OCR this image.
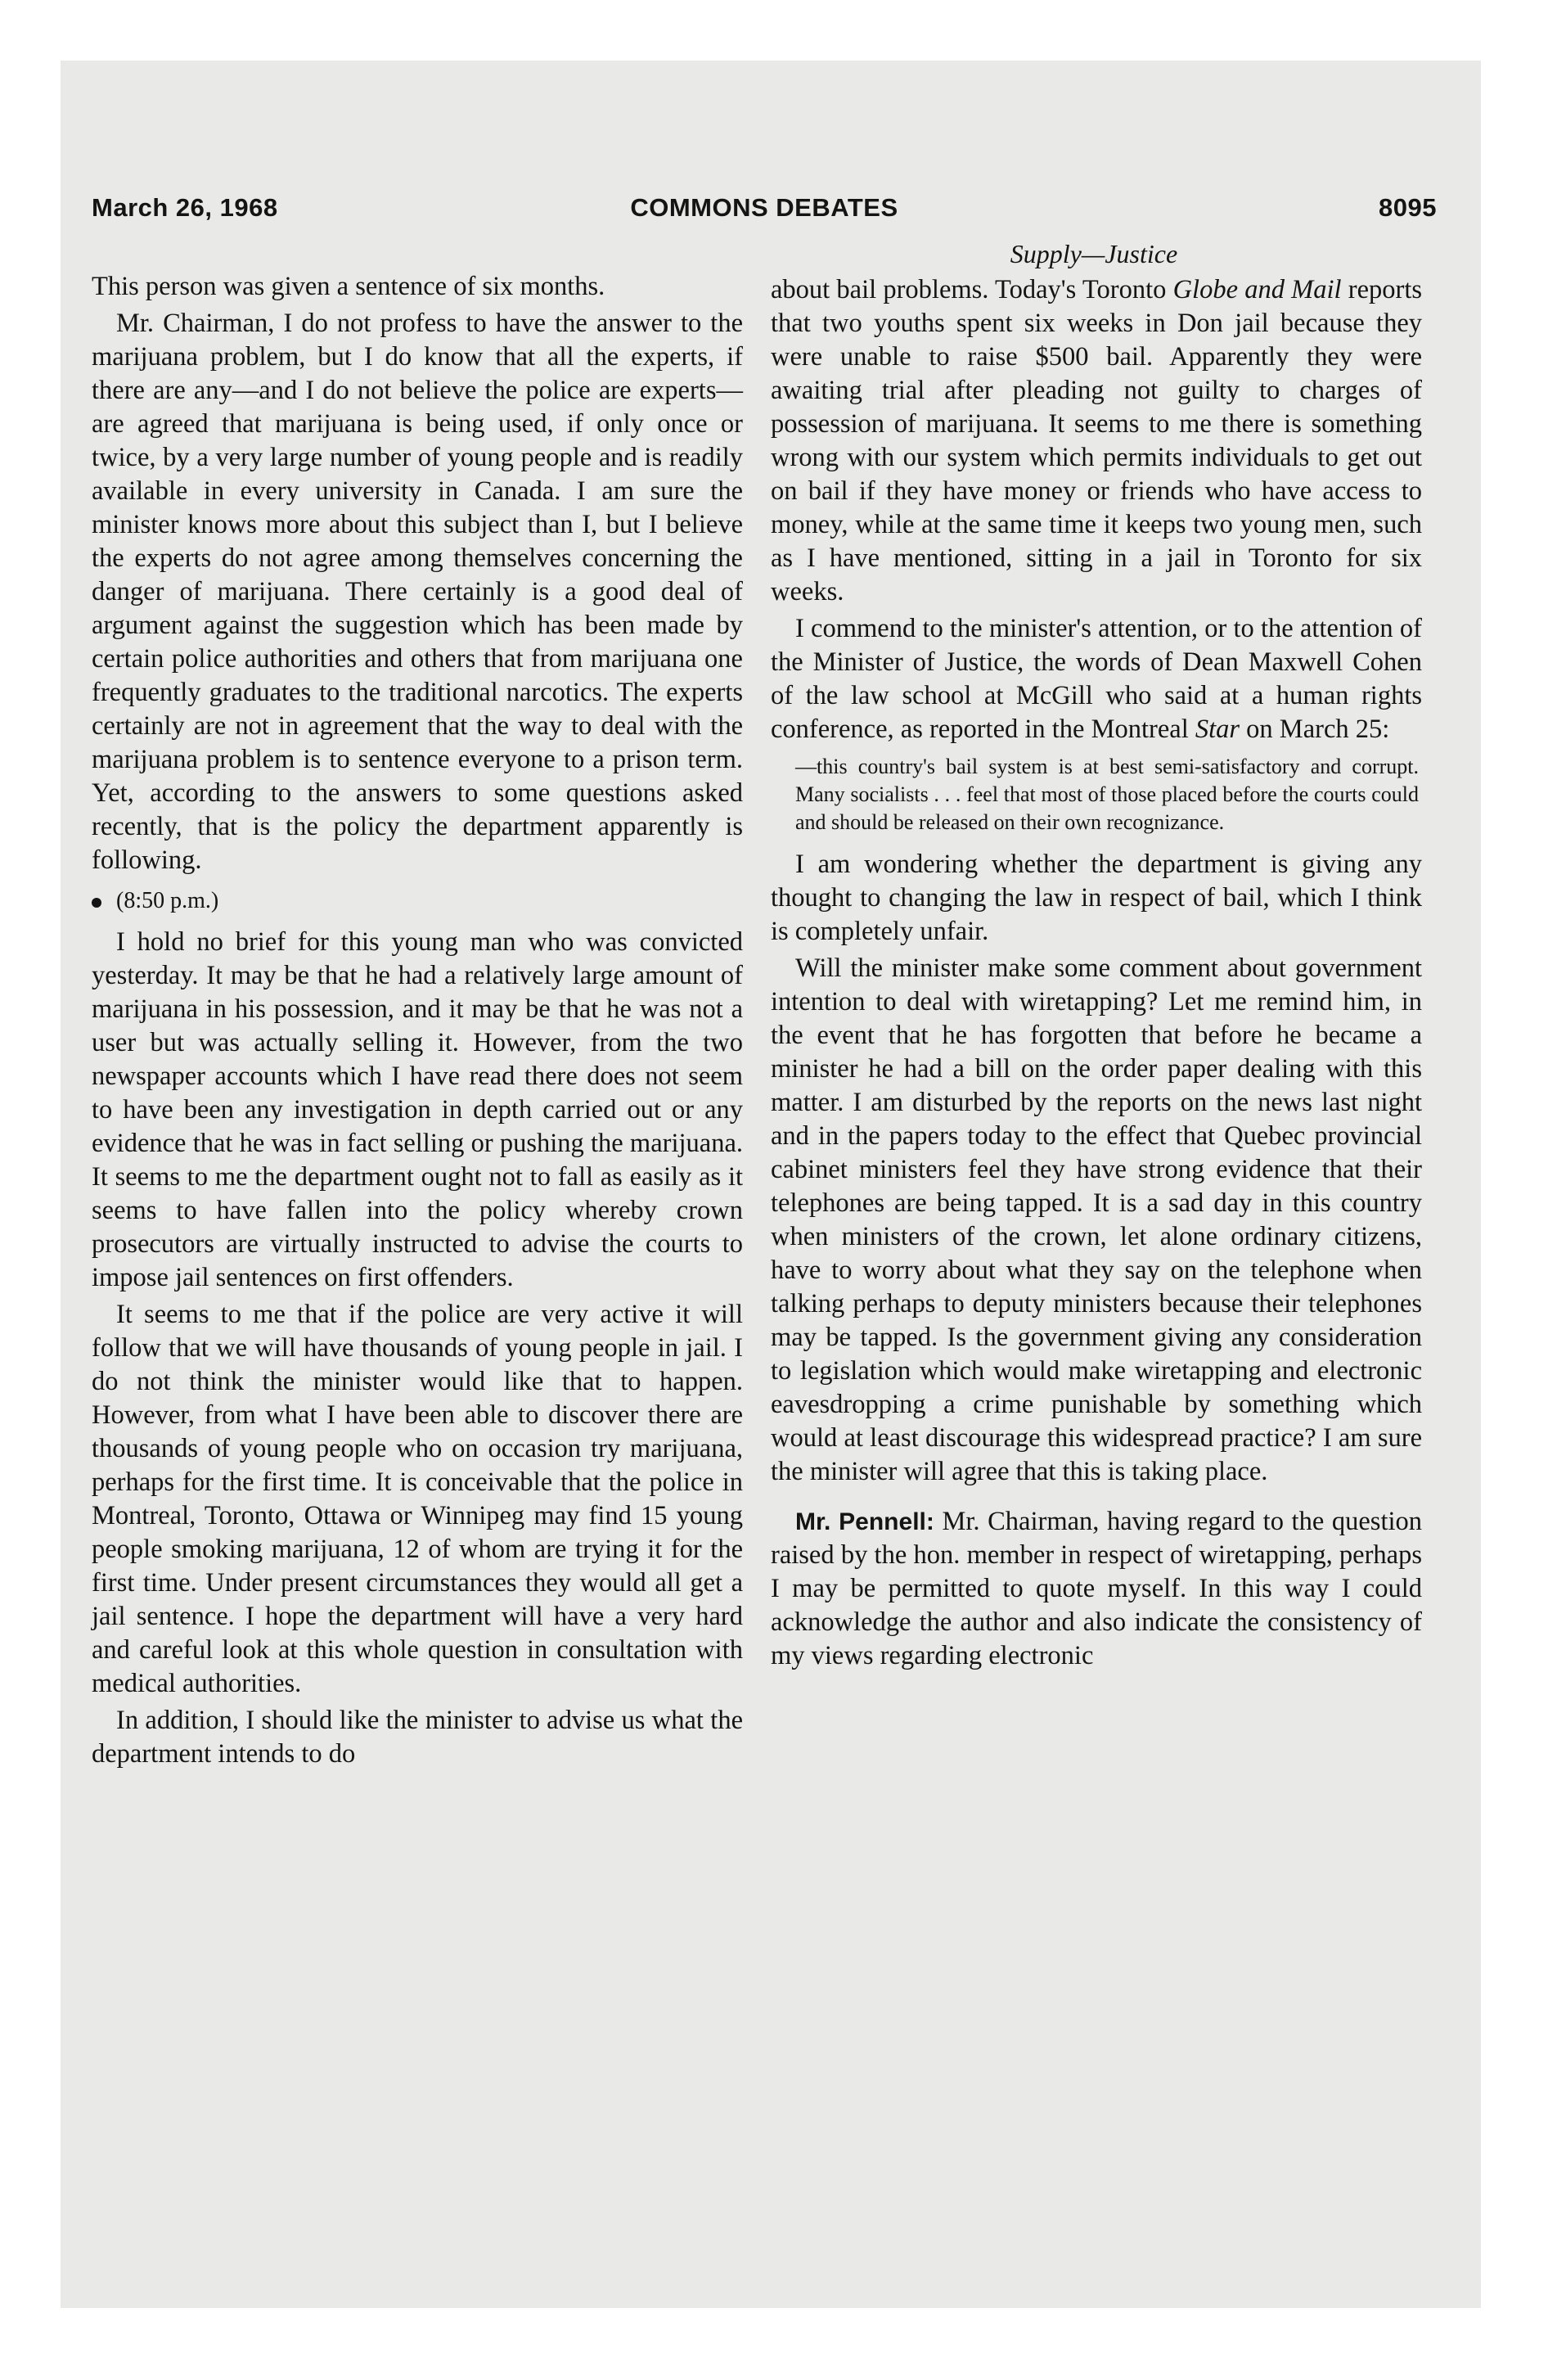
March 26, 1968	COMMONS DEBATES	8095
Supply—Justice

This person was given a sentence of six months.

Mr. Chairman, I do not profess to have the answer to the marijuana problem, but I do know that all the experts, if there are any—and I do not believe the police are experts—are agreed that marijuana is being used, if only once or twice, by a very large number of young people and is readily available in every university in Canada. I am sure the minister knows more about this subject than I, but I believe the experts do not agree among themselves concerning the danger of marijuana. There certainly is a good deal of argument against the suggestion which has been made by certain police authorities and others that from marijuana one frequently graduates to the traditional narcotics. The experts certainly are not in agreement that the way to deal with the marijuana problem is to sentence everyone to a prison term. Yet, according to the answers to some questions asked recently, that is the policy the department apparently is following.

(8:50 p.m.)

I hold no brief for this young man who was convicted yesterday. It may be that he had a relatively large amount of marijuana in his possession, and it may be that he was not a user but was actually selling it. However, from the two newspaper accounts which I have read there does not seem to have been any investigation in depth carried out or any evidence that he was in fact selling or pushing the marijuana. It seems to me the department ought not to fall as easily as it seems to have fallen into the policy whereby crown prosecutors are virtually instructed to advise the courts to impose jail sentences on first offenders.

It seems to me that if the police are very active it will follow that we will have thousands of young people in jail. I do not think the minister would like that to happen. However, from what I have been able to discover there are thousands of young people who on occasion try marijuana, perhaps for the first time. It is conceivable that the police in Montreal, Toronto, Ottawa or Winnipeg may find 15 young people smoking marijuana, 12 of whom are trying it for the first time. Under present circumstances they would all get a jail sentence. I hope the department will have a very hard and careful look at this whole question in consultation with medical authorities.

In addition, I should like the minister to advise us what the department intends to do

about bail problems. Today's Toronto Globe and Mail reports that two youths spent six weeks in Don jail because they were unable to raise $500 bail. Apparently they were awaiting trial after pleading not guilty to charges of possession of marijuana. It seems to me there is something wrong with our system which permits individuals to get out on bail if they have money or friends who have access to money, while at the same time it keeps two young men, such as I have mentioned, sitting in a jail in Toronto for six weeks.

I commend to the minister's attention, or to the attention of the Minister of Justice, the words of Dean Maxwell Cohen of the law school at McGill who said at a human rights conference, as reported in the Montreal Star on March 25:

—this country's bail system is at best semi-satisfactory and corrupt. Many socialists . . . feel that most of those placed before the courts could and should be released on their own recognizance.

I am wondering whether the department is giving any thought to changing the law in respect of bail, which I think is completely unfair.

Will the minister make some comment about government intention to deal with wiretapping? Let me remind him, in the event that he has forgotten that before he became a minister he had a bill on the order paper dealing with this matter. I am disturbed by the reports on the news last night and in the papers today to the effect that Quebec provincial cabinet ministers feel they have strong evidence that their telephones are being tapped. It is a sad day in this country when ministers of the crown, let alone ordinary citizens, have to worry about what they say on the telephone when talking perhaps to deputy ministers because their telephones may be tapped. Is the government giving any consideration to legislation which would make wiretapping and electronic eavesdropping a crime punishable by something which would at least discourage this widespread practice? I am sure the minister will agree that this is taking place.

Mr. Pennell: Mr. Chairman, having regard to the question raised by the hon. member in respect of wiretapping, perhaps I may be permitted to quote myself. In this way I could acknowledge the author and also indicate the consistency of my views regarding electronic
